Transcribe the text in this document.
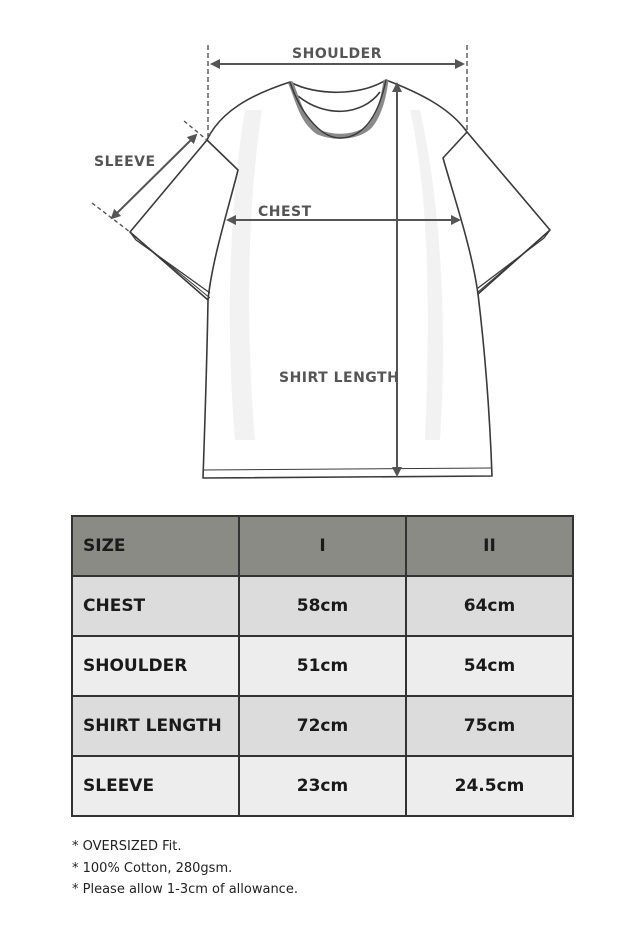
SHOULDER
SLEEVE
CHEST
SHIRT LENGTH
SIZE	I	II
CHEST	58cm	64cm
SHOULDER	51cm	54cm
SHIRT LENGTH	72cm	75cm
SLEEVE	23cm	24.5cm
* OVERSIZED Fit.
* 100% Cotton, 280gsm.
* Please allow 1-3cm of allowance.
